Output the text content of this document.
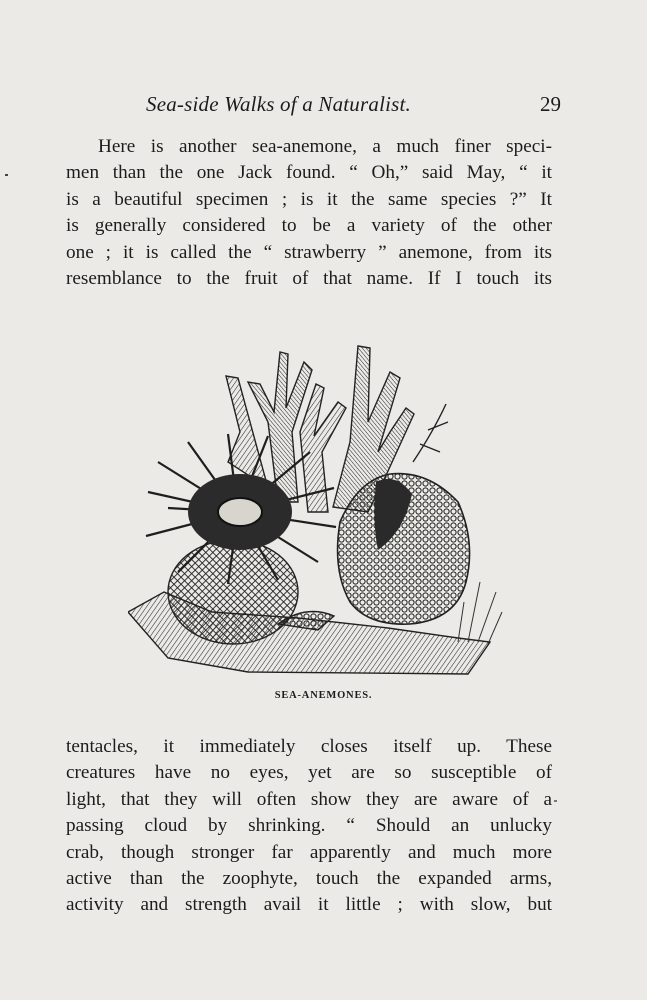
Sea-side Walks of a Naturalist.	29
Here is another sea-anemone, a much finer speci-
men than the one Jack found. “ Oh,” said May, “ it
is a beautiful specimen ; is it the same species ?” It
is generally considered to be a variety of the other
one ; it is called the “ strawberry ” anemone, from its
resemblance to the fruit of that name. If I touch its
SEA-ANEMONES.
tentacles, it immediately closes itself up. These
creatures have no eyes, yet are so susceptible of
light, that they will often show they are aware of a
passing cloud by shrinking. “ Should an unlucky
crab, though stronger far apparently and much more
active than the zoophyte, touch the expanded arms,
activity and strength avail it little ; with slow, but
